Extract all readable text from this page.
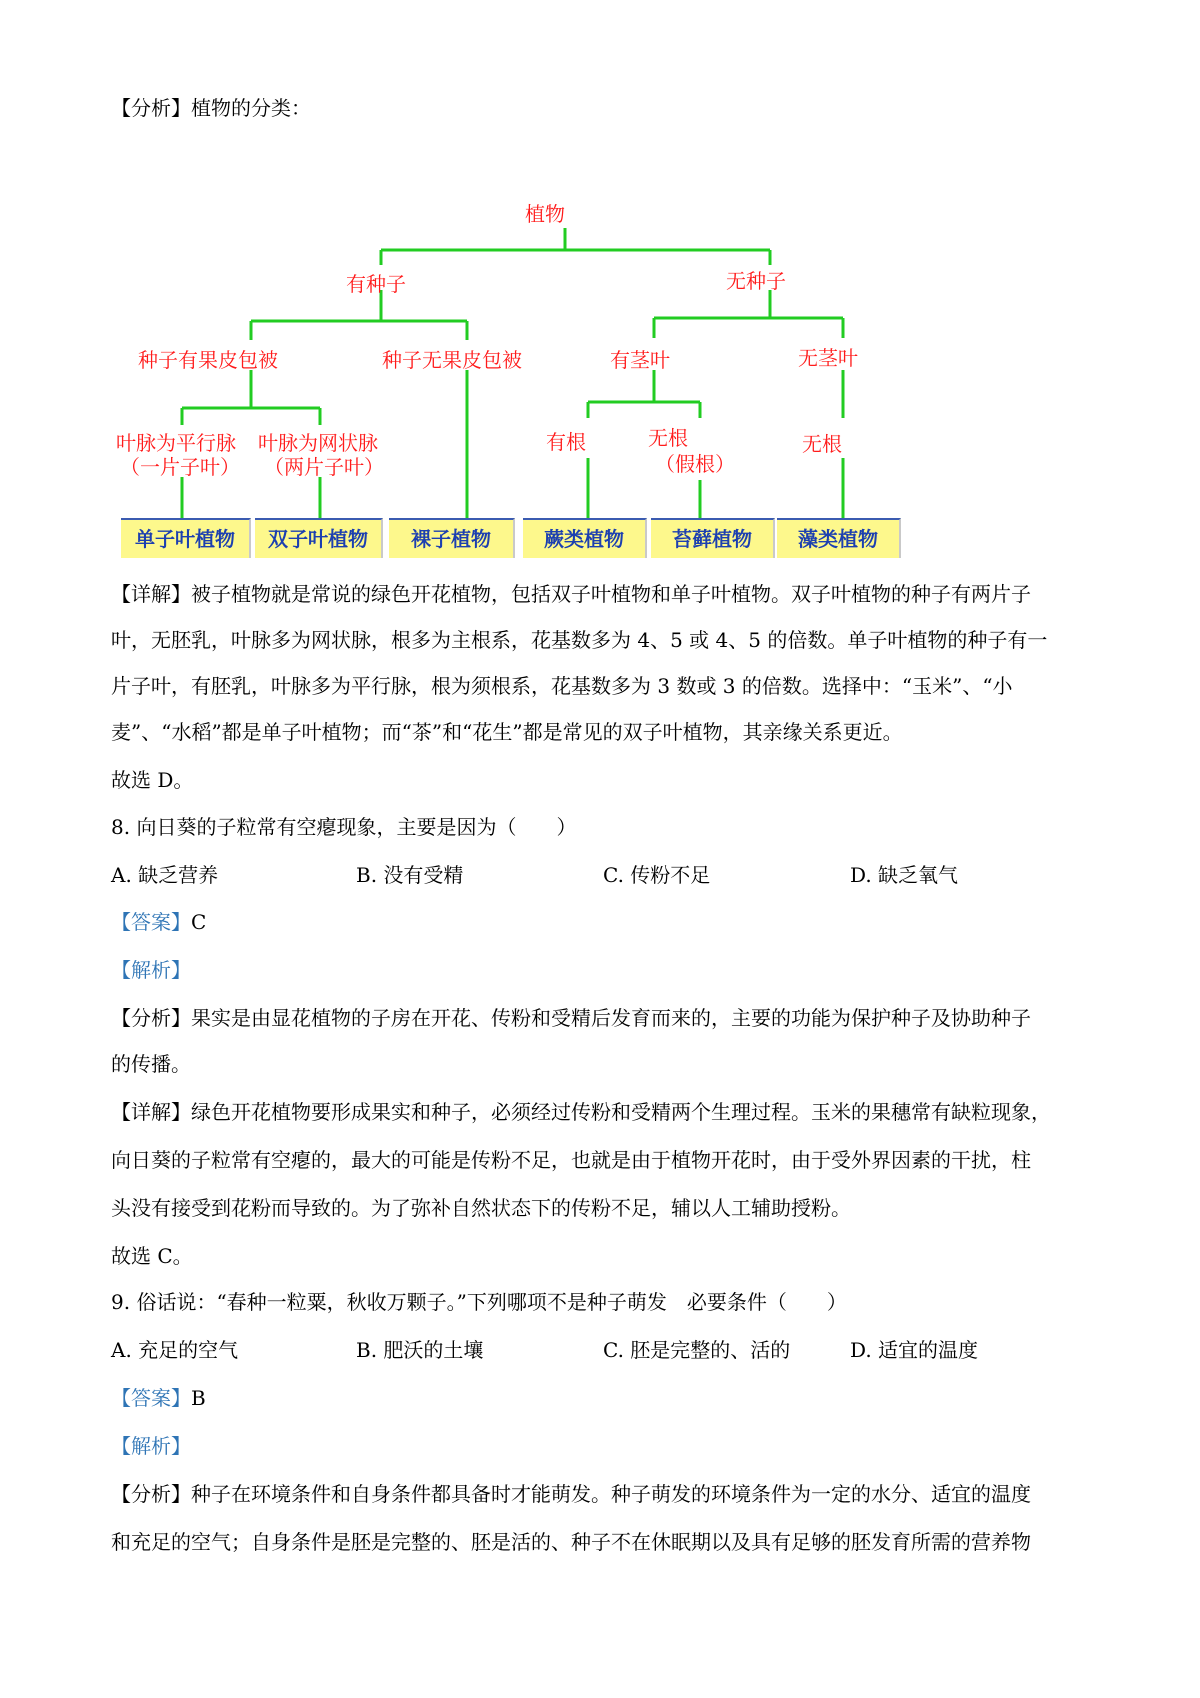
【分析】植物的分类：
植物
有种子	无种子
种子有果皮包被	种子无果皮包被	有茎叶	无茎叶
叶脉为平行脉
（一片子叶）
叶脉为网状脉
（两片子叶）
有根	无根
（假根）
无根
单子叶植物	双子叶植物	裸子植物	蕨类植物	苔藓植物	藻类植物
【详解】被子植物就是常说的绿色开花植物，包括双子叶植物和单子叶植物。双子叶植物的种子有两片子
叶，无胚乳，叶脉多为网状脉，根多为主根系，花基数多为 4、5 或 4、5 的倍数。单子叶植物的种子有一
片子叶，有胚乳，叶脉多为平行脉，根为须根系，花基数多为 3 数或 3 的倍数。选择中：“玉米”、“小
麦”、“水稻”都是单子叶植物；而“茶”和“花生”都是常见的双子叶植物，其亲缘关系更近。
故选 D。
8. 向日葵的子粒常有空瘪现象，主要是因为（　　）
A. 缺乏营养	B. 没有受精	C. 传粉不足	D. 缺乏氧气
【答案】C
【解析】
【分析】果实是由显花植物的子房在开花、传粉和受精后发育而来的，主要的功能为保护种子及协助种子
的传播。
【详解】绿色开花植物要形成果实和种子，必须经过传粉和受精两个生理过程。玉米的果穗常有缺粒现象，
向日葵的子粒常有空瘪的，最大的可能是传粉不足，也就是由于植物开花时，由于受外界因素的干扰，柱
头没有接受到花粉而导致的。为了弥补自然状态下的传粉不足，辅以人工辅助授粉。
故选 C。
9. 俗话说：“春种一粒粟，秋收万颗子。”下列哪项不是种子萌发　必要条件（　　）
A. 充足的空气	B. 肥沃的土壤	C. 胚是完整的、活的	D. 适宜的温度
【答案】B
【解析】
【分析】种子在环境条件和自身条件都具备时才能萌发。种子萌发的环境条件为一定的水分、适宜的温度
和充足的空气；自身条件是胚是完整的、胚是活的、种子不在休眠期以及具有足够的胚发育所需的营养物
